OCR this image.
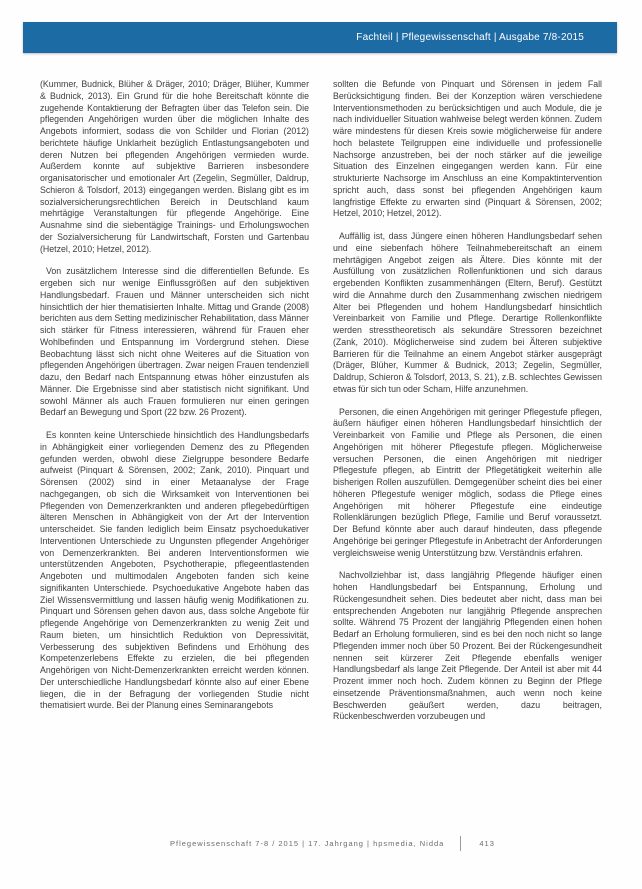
Fachteil | Pflegewissenschaft | Ausgabe 7/8-2015

(Kummer, Budnick, Blüher & Dräger, 2010; Dräger, Blüher, Kummer & Budnick, 2013). Ein Grund für die hohe Bereitschaft könnte die zugehende Kontaktierung der Befragten über das Telefon sein. Die pflegenden Angehörigen wurden über die möglichen Inhalte des Angebots informiert, sodass die von Schilder und Florian (2012) berichtete häufige Unklarheit bezüglich Entlastungsangeboten und deren Nutzen bei pflegenden Angehörigen vermieden wurde. Außerdem konnte auf subjektive Barrieren insbesondere organisatorischer und emotionaler Art (Zegelin, Segmüller, Daldrup, Schieron & Tolsdorf, 2013) eingegangen werden. Bislang gibt es im sozialversicherungsrechtlichen Bereich in Deutschland kaum mehrtägige Veranstaltungen für pflegende Angehörige. Eine Ausnahme sind die siebentägige Trainings- und Erholungswochen der Sozialversicherung für Landwirtschaft, Forsten und Gartenbau (Hetzel, 2010; Hetzel, 2012).

Von zusätzlichem Interesse sind die differentiellen Befunde. Es ergeben sich nur wenige Einflussgrößen auf den subjektiven Handlungsbedarf. Frauen und Männer unterscheiden sich nicht hinsichtlich der hier thematisierten Inhalte. Mittag und Grande (2008) berichten aus dem Setting medizinischer Rehabilitation, dass Männer sich stärker für Fitness interessieren, während für Frauen eher Wohlbefinden und Entspannung im Vordergrund stehen. Diese Beobachtung lässt sich nicht ohne Weiteres auf die Situation von pflegenden Angehörigen übertragen. Zwar neigen Frauen tendenziell dazu, den Bedarf nach Entspannung etwas höher einzustufen als Männer. Die Ergebnisse sind aber statistisch nicht signifikant. Und sowohl Männer als auch Frauen formulieren nur einen geringen Bedarf an Bewegung und Sport (22 bzw. 26 Prozent).

Es konnten keine Unterschiede hinsichtlich des Handlungsbedarfs in Abhängigkeit einer vorliegenden Demenz des zu Pflegenden gefunden werden, obwohl diese Zielgruppe besondere Bedarfe aufweist (Pinquart & Sörensen, 2002; Zank, 2010). Pinquart und Sörensen (2002) sind in einer Metaanalyse der Frage nachgegangen, ob sich die Wirksamkeit von Interventionen bei Pflegenden von Demenzerkrankten und anderen pflegebedürftigen älteren Menschen in Abhängigkeit von der Art der Intervention unterscheidet. Sie fanden lediglich beim Einsatz psychoedukativer Interventionen Unterschiede zu Ungunsten pflegender Angehöriger von Demenzerkrankten. Bei anderen Interventionsformen wie unterstützenden Angeboten, Psychotherapie, pflegeentlastenden Angeboten und multimodalen Angeboten fanden sich keine signifikanten Unterschiede. Psychoedukative Angebote haben das Ziel Wissensvermittlung und lassen häufig wenig Modifikationen zu. Pinquart und Sörensen gehen davon aus, dass solche Angebote für pflegende Angehörige von Demenzerkrankten zu wenig Zeit und Raum bieten, um hinsichtlich Reduktion von Depressivität, Verbesserung des subjektiven Befindens und Erhöhung des Kompetenzerlebens Effekte zu erzielen, die bei pflegenden Angehörigen von Nicht-Demenzerkrankten erreicht werden können. Der unterschiedliche Handlungsbedarf könnte also auf einer Ebene liegen, die in der Befragung der vorliegenden Studie nicht thematisiert wurde. Bei der Planung eines Seminarangebots

sollten die Befunde von Pinquart und Sörensen in jedem Fall Berücksichtigung finden. Bei der Konzeption wären verschiedene Interventionsmethoden zu berücksichtigen und auch Module, die je nach individueller Situation wahlweise belegt werden können. Zudem wäre mindestens für diesen Kreis sowie möglicherweise für andere hoch belastete Teilgruppen eine individuelle und professionelle Nachsorge anzustreben, bei der noch stärker auf die jeweilige Situation des Einzelnen eingegangen werden kann. Für eine strukturierte Nachsorge im Anschluss an eine Kompaktintervention spricht auch, dass sonst bei pflegenden Angehörigen kaum langfristige Effekte zu erwarten sind (Pinquart & Sörensen, 2002; Hetzel, 2010; Hetzel, 2012).

Auffällig ist, dass Jüngere einen höheren Handlungsbedarf sehen und eine siebenfach höhere Teilnahmebereitschaft an einem mehrtägigen Angebot zeigen als Ältere. Dies könnte mit der Ausfüllung von zusätzlichen Rollenfunktionen und sich daraus ergebenden Konflikten zusammenhängen (Eltern, Beruf). Gestützt wird die Annahme durch den Zusammenhang zwischen niedrigem Alter bei Pflegenden und hohem Handlungsbedarf hinsichtlich Vereinbarkeit von Familie und Pflege. Derartige Rollenkonflikte werden stresstheoretisch als sekundäre Stressoren bezeichnet (Zank, 2010). Möglicherweise sind zudem bei Älteren subjektive Barrieren für die Teilnahme an einem Angebot stärker ausgeprägt (Dräger, Blüher, Kummer & Budnick, 2013; Zegelin, Segmüller, Daldrup, Schieron & Tolsdorf, 2013, S. 21), z.B. schlechtes Gewissen etwas für sich tun oder Scham, Hilfe anzunehmen.

Personen, die einen Angehörigen mit geringer Pflegestufe pflegen, äußern häufiger einen höheren Handlungsbedarf hinsichtlich der Vereinbarkeit von Familie und Pflege als Personen, die einen Angehörigen mit höherer Pflegestufe pflegen. Möglicherweise versuchen Personen, die einen Angehörigen mit niedriger Pflegestufe pflegen, ab Eintritt der Pflegetätigkeit weiterhin alle bisherigen Rollen auszufüllen. Demgegenüber scheint dies bei einer höheren Pflegestufe weniger möglich, sodass die Pflege eines Angehörigen mit höherer Pflegestufe eine eindeutige Rollenklärungen bezüglich Pflege, Familie und Beruf voraussetzt. Der Befund könnte aber auch darauf hindeuten, dass pflegende Angehörige bei geringer Pflegestufe in Anbetracht der Anforderungen vergleichsweise wenig Unterstützung bzw. Verständnis erfahren.

Nachvollziehbar ist, dass langjährig Pflegende häufiger einen hohen Handlungsbedarf bei Entspannung, Erholung und Rückengesundheit sehen. Dies bedeutet aber nicht, dass man bei entsprechenden Angeboten nur langjährig Pflegende ansprechen sollte. Während 75 Prozent der langjährig Pflegenden einen hohen Bedarf an Erholung formulieren, sind es bei den noch nicht so lange Pflegenden immer noch über 50 Prozent. Bei der Rückengesundheit nennen seit kürzerer Zeit Pflegende ebenfalls weniger Handlungsbedarf als lange Zeit Pflegende. Der Anteil ist aber mit 44 Prozent immer noch hoch. Zudem können zu Beginn der Pflege einsetzende Präventionsmaßnahmen, auch wenn noch keine Beschwerden geäußert werden, dazu beitragen, Rückenbeschwerden vorzubeugen und

Pflegewissenschaft 7-8 / 2015 | 17. Jahrgang | hpsmedia, Nidda	413
